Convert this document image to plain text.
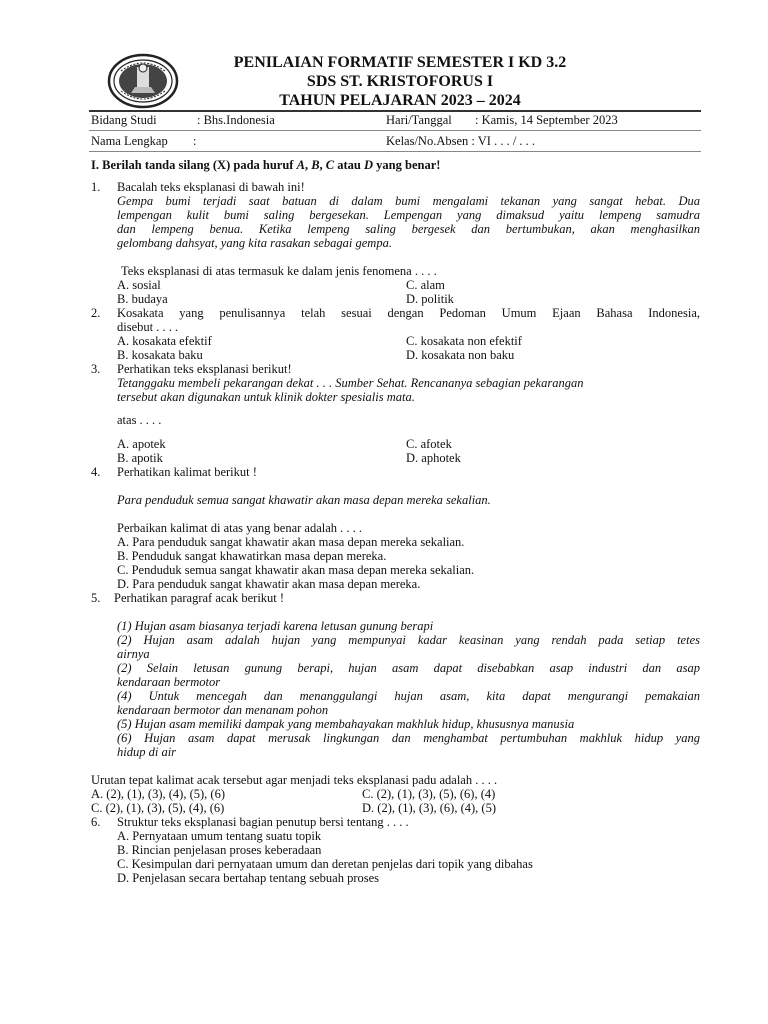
PENILAIAN FORMATIF SEMESTER I KD 3.2
SDS ST. KRISTOFORUS I
TAHUN PELAJARAN 2023 – 2024
Bidang Studi	: Bhs.Indonesia	Hari/Tanggal : Kamis, 14 September 2023
Nama Lengkap :	Kelas/No.Absen : VI . . . / . . .
I. Berilah tanda silang (X) pada huruf A, B, C atau D yang benar!
1. Bacalah teks eksplanasi di bawah ini!
Gempa bumi terjadi saat batuan di dalam bumi mengalami tekanan yang sangat hebat. Dua
lempengan kulit bumi saling bergesekan. Lempengan yang dimaksud yaitu lempeng samudra
dan lempeng benua. Ketika lempeng saling bergesek dan bertumbukan, akan menghasilkan
gelombang dahsyat, yang kita rasakan sebagai gempa.
Teks eksplanasi di atas termasuk ke dalam jenis fenomena . . . .
A. sosial	C. alam
B. budaya	D. politik
2. Kosakata yang penulisannya telah sesuai dengan Pedoman Umum Ejaan Bahasa Indonesia,
disebut . . . .
A. kosakata efektif	C. kosakata non efektif
B. kosakata baku	D. kosakata non baku
3. Perhatikan teks eksplanasi berikut!
Tetanggaku membeli pekarangan dekat . . . Sumber Sehat. Rencananya sebagian pekarangan
tersebut akan digunakan untuk klinik dokter spesialis mata.
atas . . . .
A. apotek	C. afotek
B. apotik	D. aphotek
4. Perhatikan kalimat berikut !
Para penduduk semua sangat khawatir akan masa depan mereka sekalian.
Perbaikan kalimat di atas yang benar adalah . . . .
A. Para penduduk sangat khawatir akan masa depan mereka sekalian.
B. Penduduk sangat khawatirkan masa depan mereka.
C. Penduduk semua sangat khawatir akan masa depan mereka sekalian.
D. Para penduduk sangat khawatir akan masa depan mereka.
5. Perhatikan paragraf acak berikut !
(1) Hujan asam biasanya terjadi karena letusan gunung berapi
(2) Hujan asam adalah hujan yang mempunyai kadar keasinan yang rendah pada setiap tetes
airnya
(2) Selain letusan gunung berapi, hujan asam dapat disebabkan asap industri dan asap
kendaraan bermotor
(4) Untuk mencegah dan menanggulangi hujan asam, kita dapat mengurangi pemakaian
kendaraan bermotor dan menanam pohon
(5) Hujan asam memiliki dampak yang membahayakan makhluk hidup, khususnya manusia
(6) Hujan asam dapat merusak lingkungan dan menghambat pertumbuhan makhluk hidup yang
hidup di air
Urutan tepat kalimat acak tersebut agar menjadi teks eksplanasi padu adalah . . . .
A. (2), (1), (3), (4), (5), (6)	C. (2), (1), (3), (5), (6), (4)
C. (2), (1), (3), (5), (4), (6)	D. (2), (1), (3), (6), (4), (5)
6. Struktur teks eksplanasi bagian penutup bersi tentang . . . .
A. Pernyataan umum tentang suatu topik
B. Rincian penjelasan proses keberadaan
C. Kesimpulan dari pernyataan umum dan deretan penjelas dari topik yang dibahas
D. Penjelasan secara bertahap tentang sebuah proses
